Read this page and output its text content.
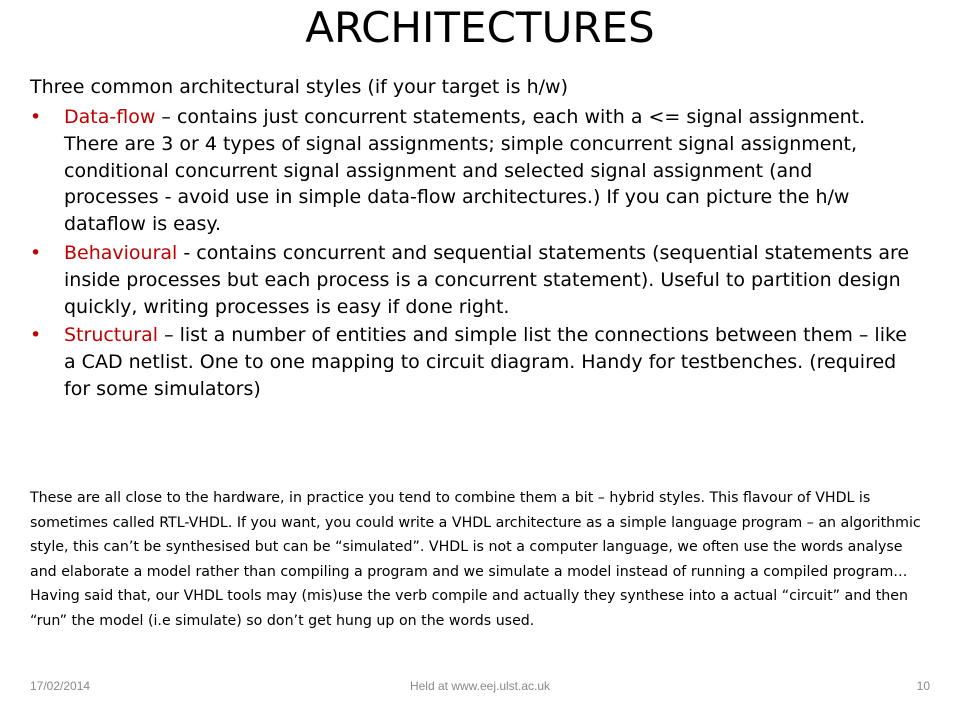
ARCHITECTURES
Three common architectural styles (if your target is h/w)
•	Data-flow – contains just concurrent statements, each with a <= signal assignment. There are 3 or 4 types of signal assignments; simple concurrent signal assignment, conditional concurrent signal assignment and selected signal assignment (and processes - avoid use in simple data-flow architectures.) If you can picture the h/w dataflow is easy.
•	Behavioural - contains concurrent and sequential statements (sequential statements are inside processes but each process is a concurrent statement). Useful to partition design quickly, writing processes is easy if done right.
•	Structural – list a number of entities and simple list the connections between them – like a CAD netlist. One to one mapping to circuit diagram. Handy for testbenches. (required for some simulators)

These are all close to the hardware, in practice you tend to combine them a bit – hybrid styles. This flavour of VHDL is sometimes called RTL-VHDL. If you want, you could write a VHDL architecture as a simple language program – an algorithmic style, this can’t be synthesised but can be “simulated”. VHDL is not a computer language, we often use the words analyse and elaborate a model rather than compiling a program and we simulate a model instead of running a compiled program… Having said that, our VHDL tools may (mis)use the verb compile and actually they synthese into a actual “circuit” and then “run” the model (i.e simulate) so don’t get hung up on the words used.

17/02/2014	Held at www.eej.ulst.ac.uk	10
